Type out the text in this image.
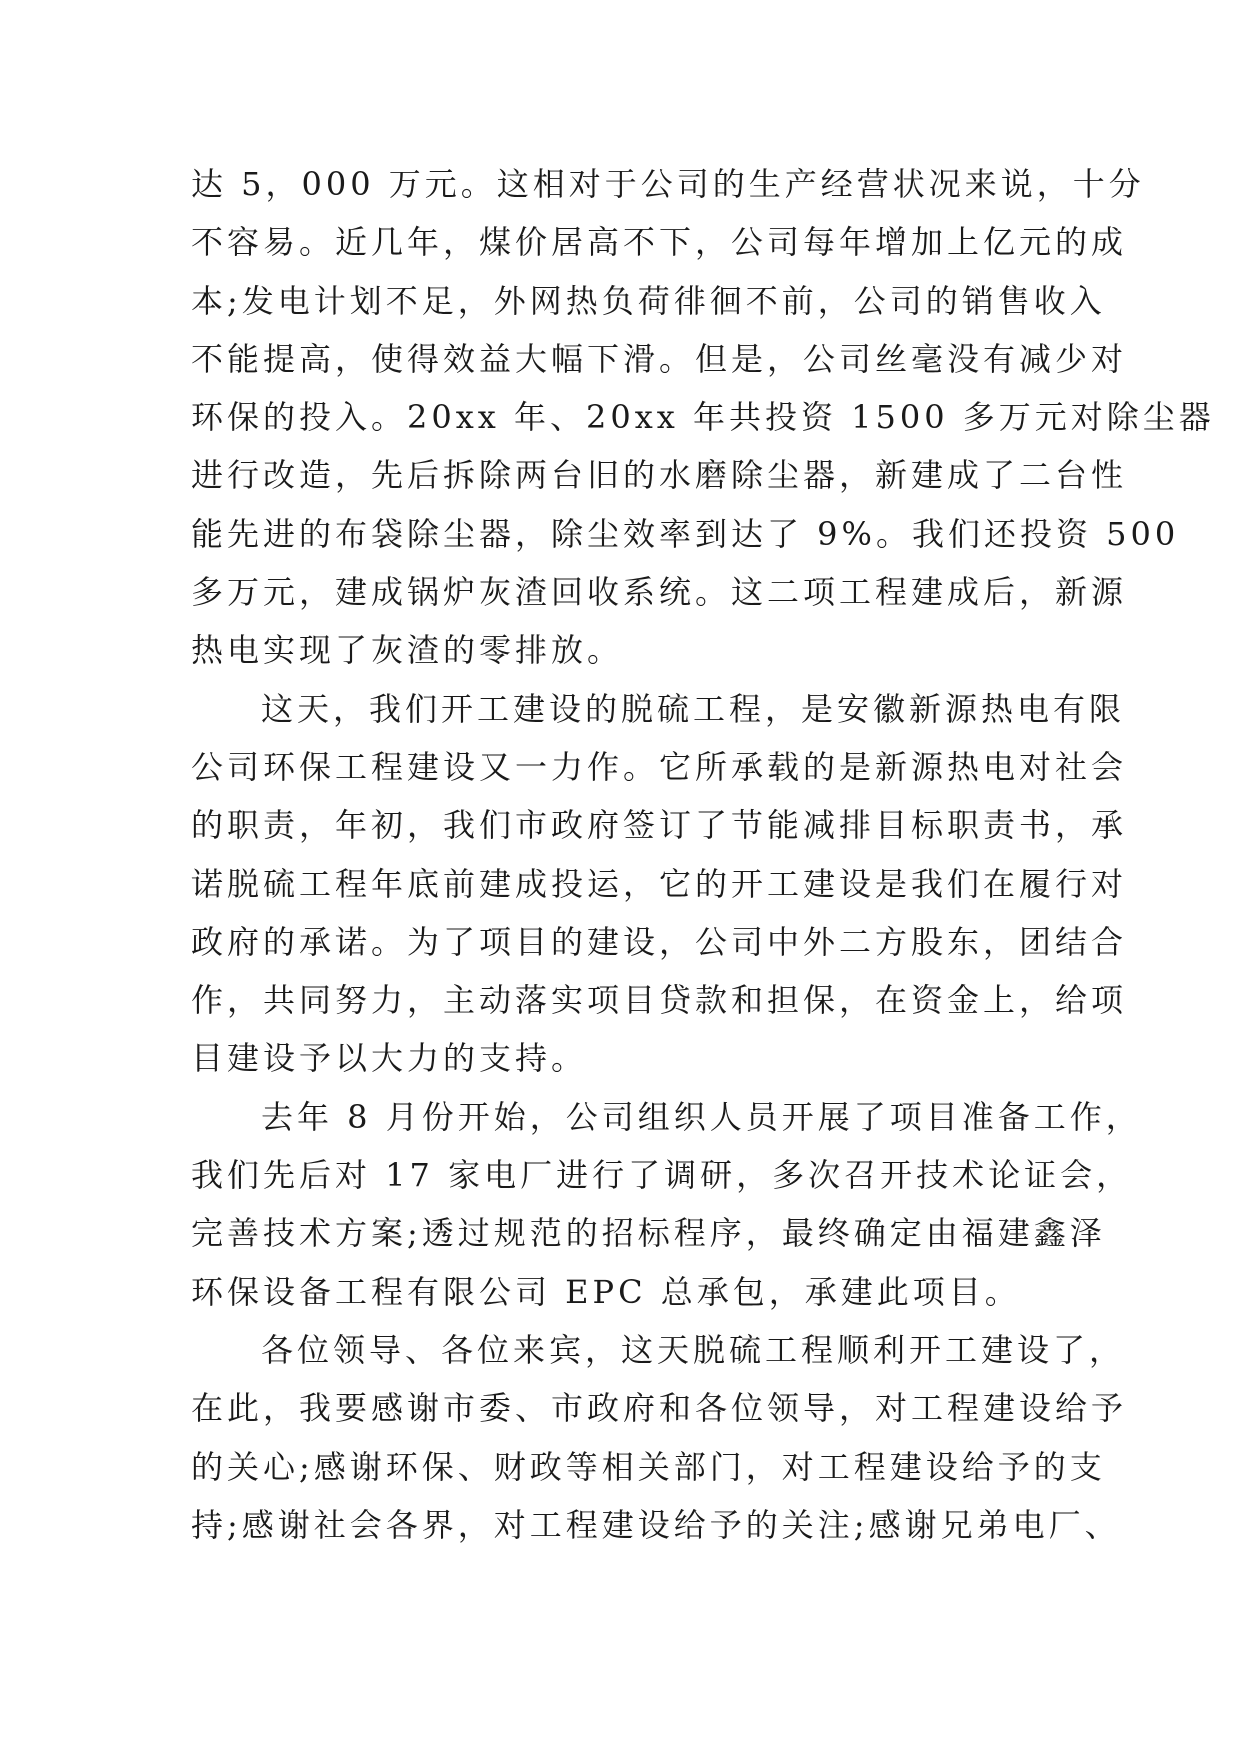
达 5，000 万元。这相对于公司的生产经营状况来说，十分
不容易。近几年，煤价居高不下，公司每年增加上亿元的成
本;发电计划不足，外网热负荷徘徊不前，公司的销售收入
不能提高，使得效益大幅下滑。但是，公司丝毫没有减少对
环保的投入。20xx 年、20xx 年共投资 1500 多万元对除尘器
进行改造，先后拆除两台旧的水磨除尘器，新建成了二台性
能先进的布袋除尘器，除尘效率到达了 9%。我们还投资 500
多万元，建成锅炉灰渣回收系统。这二项工程建成后，新源
热电实现了灰渣的零排放。
这天，我们开工建设的脱硫工程，是安徽新源热电有限
公司环保工程建设又一力作。它所承载的是新源热电对社会
的职责，年初，我们市政府签订了节能减排目标职责书，承
诺脱硫工程年底前建成投运，它的开工建设是我们在履行对
政府的承诺。为了项目的建设，公司中外二方股东，团结合
作，共同努力，主动落实项目贷款和担保，在资金上，给项
目建设予以大力的支持。
去年 8 月份开始，公司组织人员开展了项目准备工作，
我们先后对 17 家电厂进行了调研，多次召开技术论证会，
完善技术方案;透过规范的招标程序，最终确定由福建鑫泽
环保设备工程有限公司 EPC 总承包，承建此项目。
各位领导、各位来宾，这天脱硫工程顺利开工建设了，
在此，我要感谢市委、市政府和各位领导，对工程建设给予
的关心;感谢环保、财政等相关部门，对工程建设给予的支
持;感谢社会各界，对工程建设给予的关注;感谢兄弟电厂、
